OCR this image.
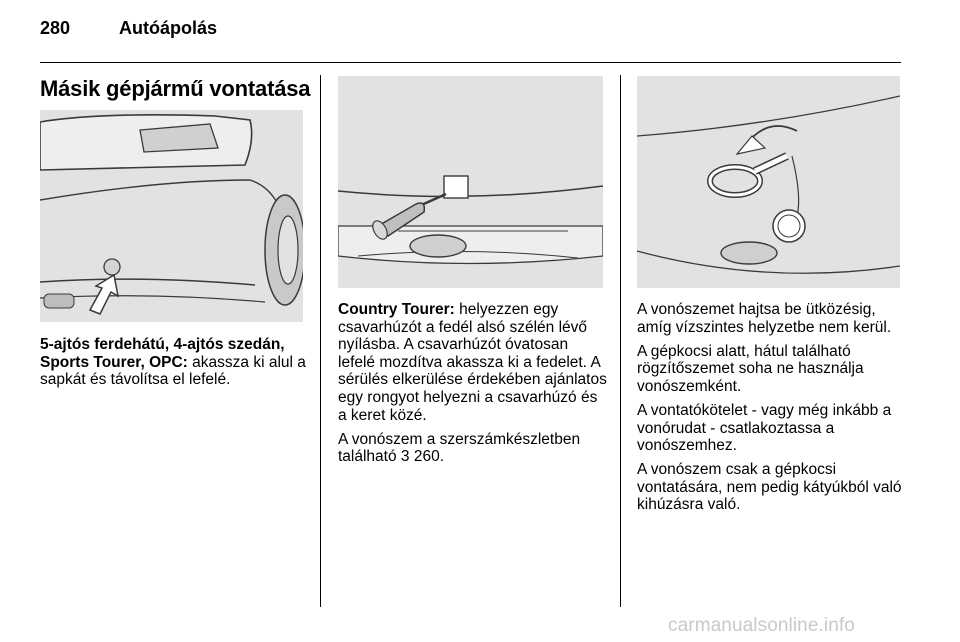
280	Autóápolás
Másik gépjármű vontatása

5-ajtós ferdehátú, 4-ajtós szedán, Sports Tourer, OPC: akassza ki alul a sapkát és távolítsa el lefelé.

Country Tourer: helyezzen egy csavarhúzót a fedél alsó szélén lévő nyílásba. A csavarhúzót óvatosan lefelé mozdítva akassza ki a fedelet. A sérülés elkerülése érdekében ajánlatos egy rongyot helyezni a csavarhúzó és a keret közé.

A vonószem a szerszámkészletben található 3 260.

A vonószemet hajtsa be ütközésig, amíg vízszintes helyzetbe nem kerül.

A gépkocsi alatt, hátul található rögzítőszemet soha ne használja vonószemként.

A vontatókötelet - vagy még inkább a vonórudat - csatlakoztassa a vonószemhez.

A vonószem csak a gépkocsi vontatására, nem pedig kátyúkból való kihúzásra való.

carmanualsonline.info
